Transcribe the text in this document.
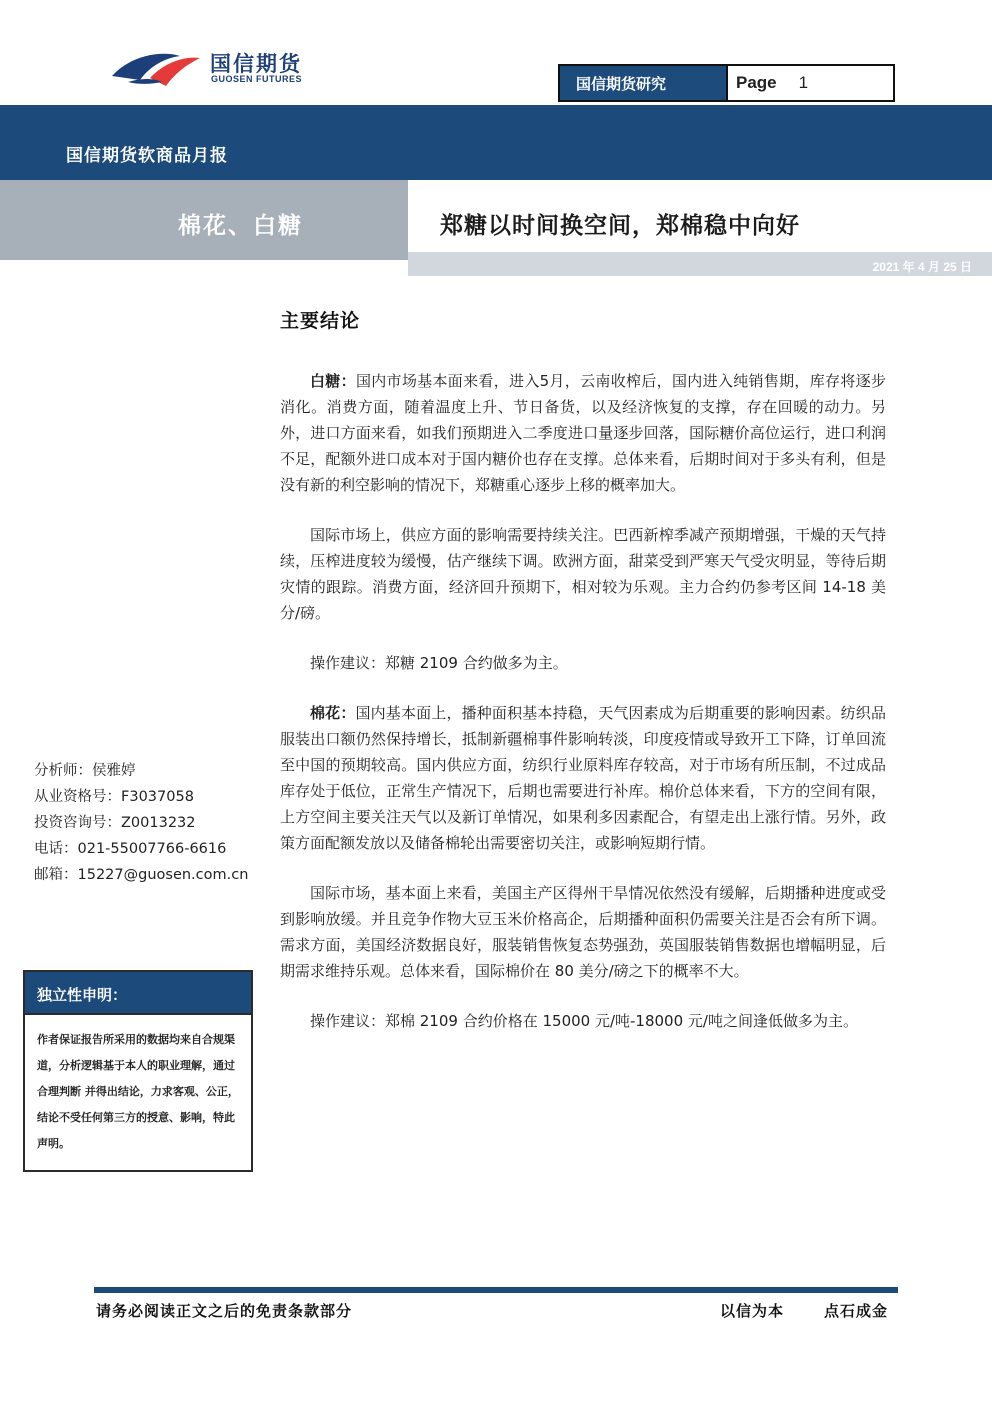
国信期货
GUOSEN FUTURES	国信期货研究	Page 1
国信期货软商品月报
棉花、白糖	郑糖以时间换空间，郑棉稳中向好
2021 年 4 月 25 日
主要结论

白糖：国内市场基本面来看，进入5月，云南收榨后，国内进入纯销售期，库存将逐步消化。消费方面，随着温度上升、节日备货，以及经济恢复的支撑，存在回暖的动力。另外，进口方面来看，如我们预期进入二季度进口量逐步回落，国际糖价高位运行，进口利润不足，配额外进口成本对于国内糖价也存在支撑。总体来看，后期时间对于多头有利，但是没有新的利空影响的情况下，郑糖重心逐步上移的概率加大。

国际市场上，供应方面的影响需要持续关注。巴西新榨季减产预期增强，干燥的天气持续，压榨进度较为缓慢，估产继续下调。欧洲方面，甜菜受到严寒天气受灾明显，等待后期灾情的跟踪。消费方面，经济回升预期下，相对较为乐观。主力合约仍参考区间 14-18 美分/磅。

操作建议：郑糖 2109 合约做多为主。

棉花：国内基本面上，播种面积基本持稳，天气因素成为后期重要的影响因素。纺织品服装出口额仍然保持增长，抵制新疆棉事件影响转淡，印度疫情或导致开工下降，订单回流至中国的预期较高。国内供应方面，纺织行业原料库存较高，对于市场有所压制，不过成品库存处于低位，正常生产情况下，后期也需要进行补库。棉价总体来看，下方的空间有限，上方空间主要关注天气以及新订单情况，如果利多因素配合，有望走出上涨行情。另外，政策方面配额发放以及储备棉轮出需要密切关注，或影响短期行情。

国际市场，基本面上来看，美国主产区得州干旱情况依然没有缓解，后期播种进度或受到影响放缓。并且竞争作物大豆玉米价格高企，后期播种面积仍需要关注是否会有所下调。需求方面，美国经济数据良好，服装销售恢复态势强劲，英国服装销售数据也增幅明显，后期需求维持乐观。总体来看，国际棉价在 80 美分/磅之下的概率不大。

操作建议：郑棉 2109 合约价格在 15000 元/吨-18000 元/吨之间逢低做多为主。

分析师：侯雅婷
从业资格号：F3037058
投资咨询号：Z0013232
电话：021-55007766-6616
邮箱：15227@guosen.com.cn
独立性申明：
作者保证报告所采用的数据均来自合规渠道，分析逻辑基于本人的职业理解，通过合理判断 并得出结论，力求客观、公正，结论不受任何第三方的授意、影响，特此声明。
请务必阅读正文之后的免责条款部分	以信为本	点石成金
